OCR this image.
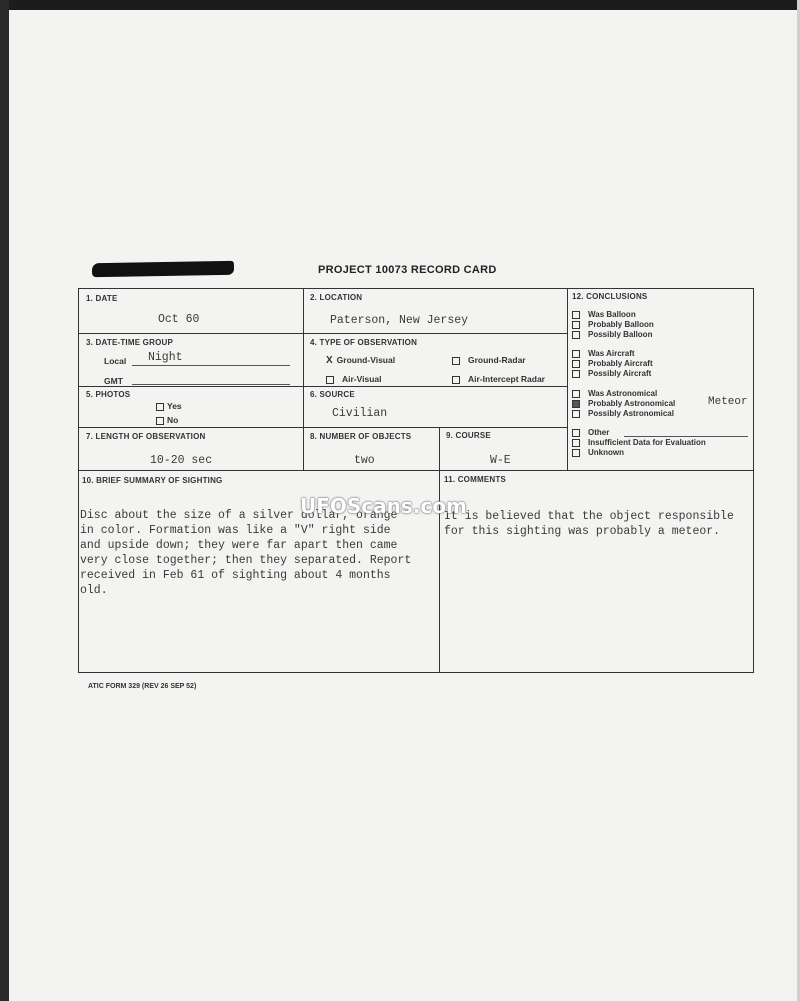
PROJECT 10073 RECORD CARD
1. DATE
Oct 60
2. LOCATION
Paterson, New Jersey
3. DATE-TIME GROUP
Local Night
GMT
4. TYPE OF OBSERVATION
X Ground-Visual	Ground-Radar
Air-Visual	Air-Intercept Radar
5. PHOTOS
Yes
No
6. SOURCE
Civilian
7. LENGTH OF OBSERVATION
10-20 sec
8. NUMBER OF OBJECTS
two
9. COURSE
W-E
10. BRIEF SUMMARY OF SIGHTING

Disc about the size of a silver dollar, orange
in color. Formation was like a "V" right side
and upside down; they were far apart then came
very close together; then they separated. Report
received in Feb 61 of sighting about 4 months
old.

11. COMMENTS

It is believed that the object responsible
for this sighting was probably a meteor.

12. CONCLUSIONS
Was Balloon
Probably Balloon
Possibly Balloon
Was Aircraft
Probably Aircraft
Possibly Aircraft
Was Astronomical
Probably Astronomical
Possibly Astronomical
Meteor
Other
Insufficient Data for Evaluation
Unknown
UFOScans.com
ATIC FORM 329 (REV 26 SEP 52)
